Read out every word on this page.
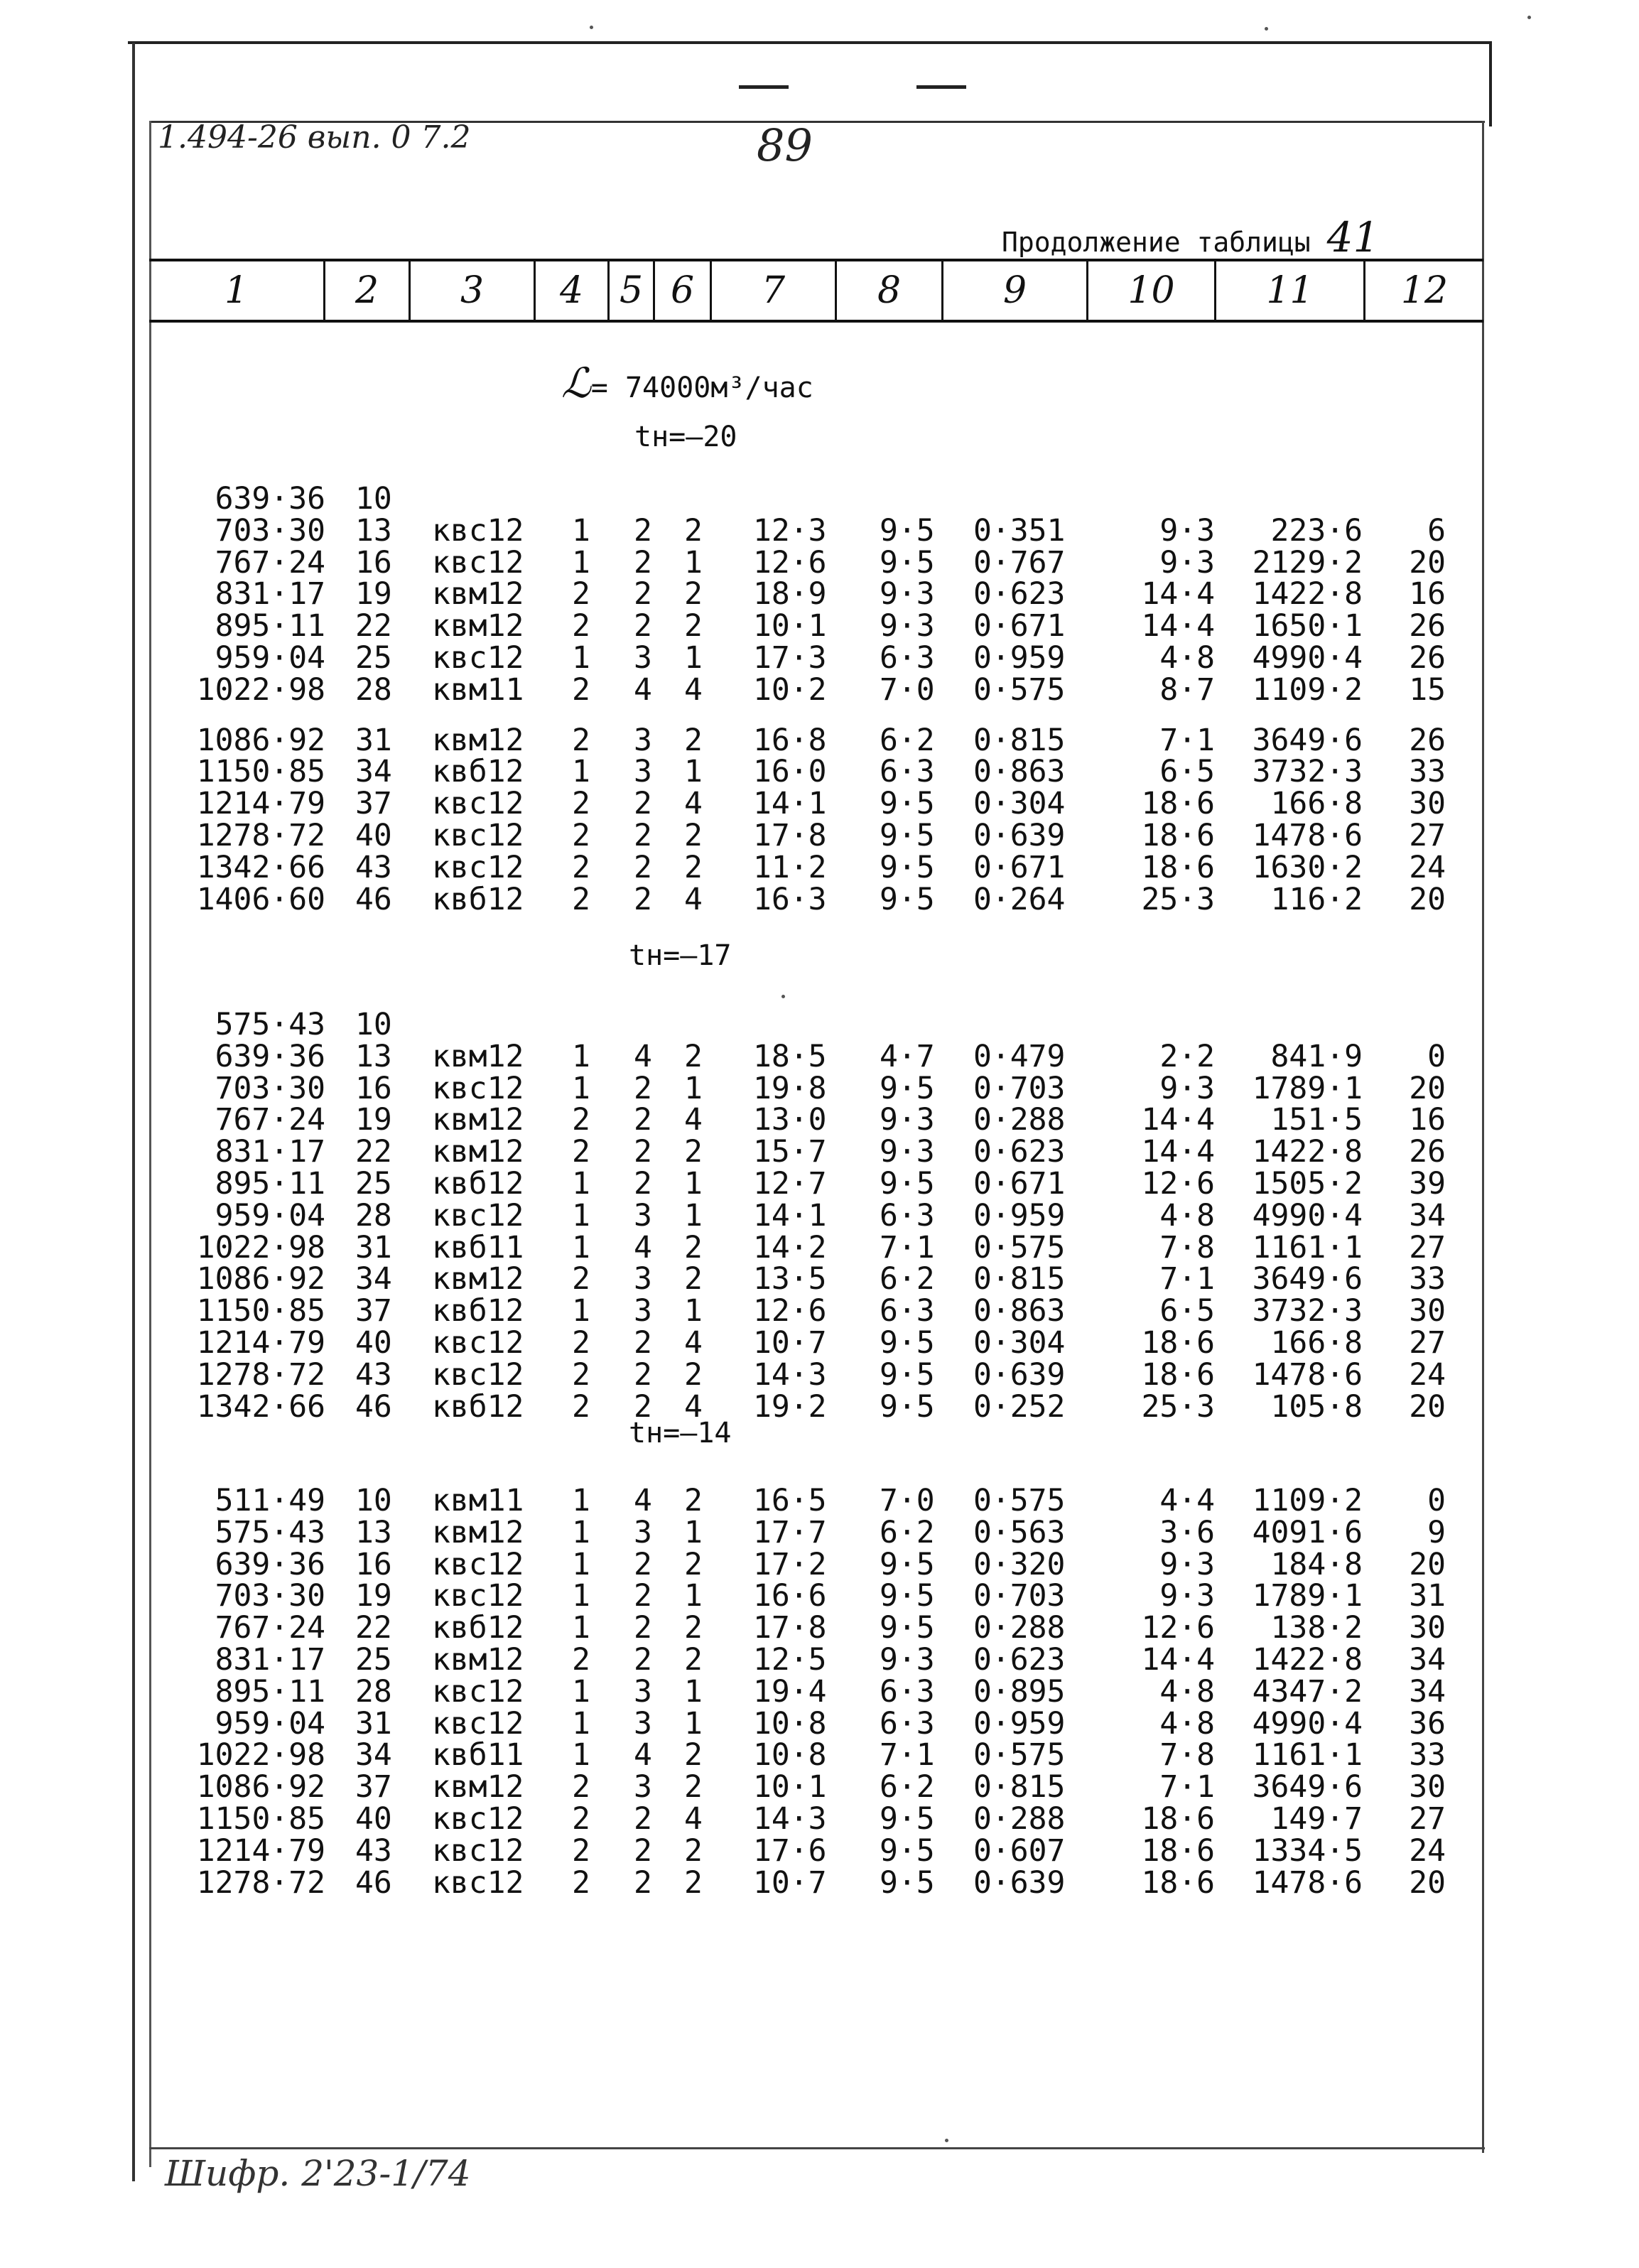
1.494-26 вып. 0 7.2	89
Продолжение таблицы 41
1	2	3	4 5 6	7	8	9	10	11	12
ℒ= 74000м³/час
tн=–20
tн=–17
tн=–14
639·36 10
703·30 13 квс12 1 2 2 12·3 9·5 0·351	9·3 223·6 6
767·24 16 квс12 1 2 1 12·6 9·5 0·767	9·3 2129·2 20
831·17 19 квм12 2 2 2 18·9 9·3 0·623 14·4 1422·8 16
895·11 22 квм12 2 2 2 10·1 9·3 0·671 14·4 1650·1 26
959·04 25 квс12 1 3 1 17·3 6·3 0·959	4·8 4990·4 26
1022·98 28 квм11 2 4 4 10·2 7·0 0·575	8·7 1109·2 15
1086·92 31 квм12 2 3 2 16·8 6·2 0·815	7·1 3649·6 26
1150·85 34 квб12 1 3 1 16·0 6·3 0·863	6·5 3732·3 33
1214·79 37 квс12 2 2 4 14·1 9·5 0·304 18·6 166·8 30
1278·72 40 квс12 2 2 2 17·8 9·5 0·639 18·6 1478·6 27
1342·66 43 квс12 2 2 2 11·2 9·5 0·671 18·6 1630·2 24
1406·60 46 квб12 2 2 4 16·3 9·5 0·264 25·3 116·2 20
575·43 10
639·36 13 квм12 1 4 2 18·5 4·7 0·479	2·2 841·9 0
703·30 16 квс12 1 2 1 19·8 9·5 0·703	9·3 1789·1 20
767·24 19 квм12 2 2 4 13·0 9·3 0·288 14·4 151·5 16
831·17 22 квм12 2 2 2 15·7 9·3 0·623 14·4 1422·8 26
895·11 25 квб12 1 2 1 12·7 9·5 0·671 12·6 1505·2 39
959·04 28 квс12 1 3 1 14·1 6·3 0·959	4·8 4990·4 34
1022·98 31 квб11 1 4 2 14·2 7·1 0·575	7·8 1161·1 27
1086·92 34 квм12 2 3 2 13·5 6·2 0·815	7·1 3649·6 33
1150·85 37 квб12 1 3 1 12·6 6·3 0·863	6·5 3732·3 30
1214·79 40 квс12 2 2 4 10·7 9·5 0·304 18·6 166·8 27
1278·72 43 квс12 2 2 2 14·3 9·5 0·639 18·6 1478·6 24
1342·66 46 квб12 2 2 4 19·2 9·5 0·252 25·3 105·8 20
511·49 10 квм11 1 4 2 16·5 7·0 0·575	4·4 1109·2 0
575·43 13 квм12 1 3 1 17·7 6·2 0·563	3·6 4091·6 9
639·36 16 квс12 1 2 2 17·2 9·5 0·320	9·3 184·8 20
703·30 19 квс12 1 2 1 16·6 9·5 0·703	9·3 1789·1 31
767·24 22 квб12 1 2 2 17·8 9·5 0·288 12·6 138·2 30
831·17 25 квм12 2 2 2 12·5 9·3 0·623 14·4 1422·8 34
895·11 28 квс12 1 3 1 19·4 6·3 0·895	4·8 4347·2 34
959·04 31 квс12 1 3 1 10·8 6·3 0·959	4·8 4990·4 36
1022·98 34 квб11 1 4 2 10·8 7·1 0·575	7·8 1161·1 33
1086·92 37 квм12 2 3 2 10·1 6·2 0·815	7·1 3649·6 30
1150·85 40 квс12 2 2 4 14·3 9·5 0·288 18·6 149·7 27
1214·79 43 квс12 2 2 2 17·6 9·5 0·607 18·6 1334·5 24
1278·72 46 квс12 2 2 2 10·7 9·5 0·639 18·6 1478·6 20
Шифр. 2'23-1/74
